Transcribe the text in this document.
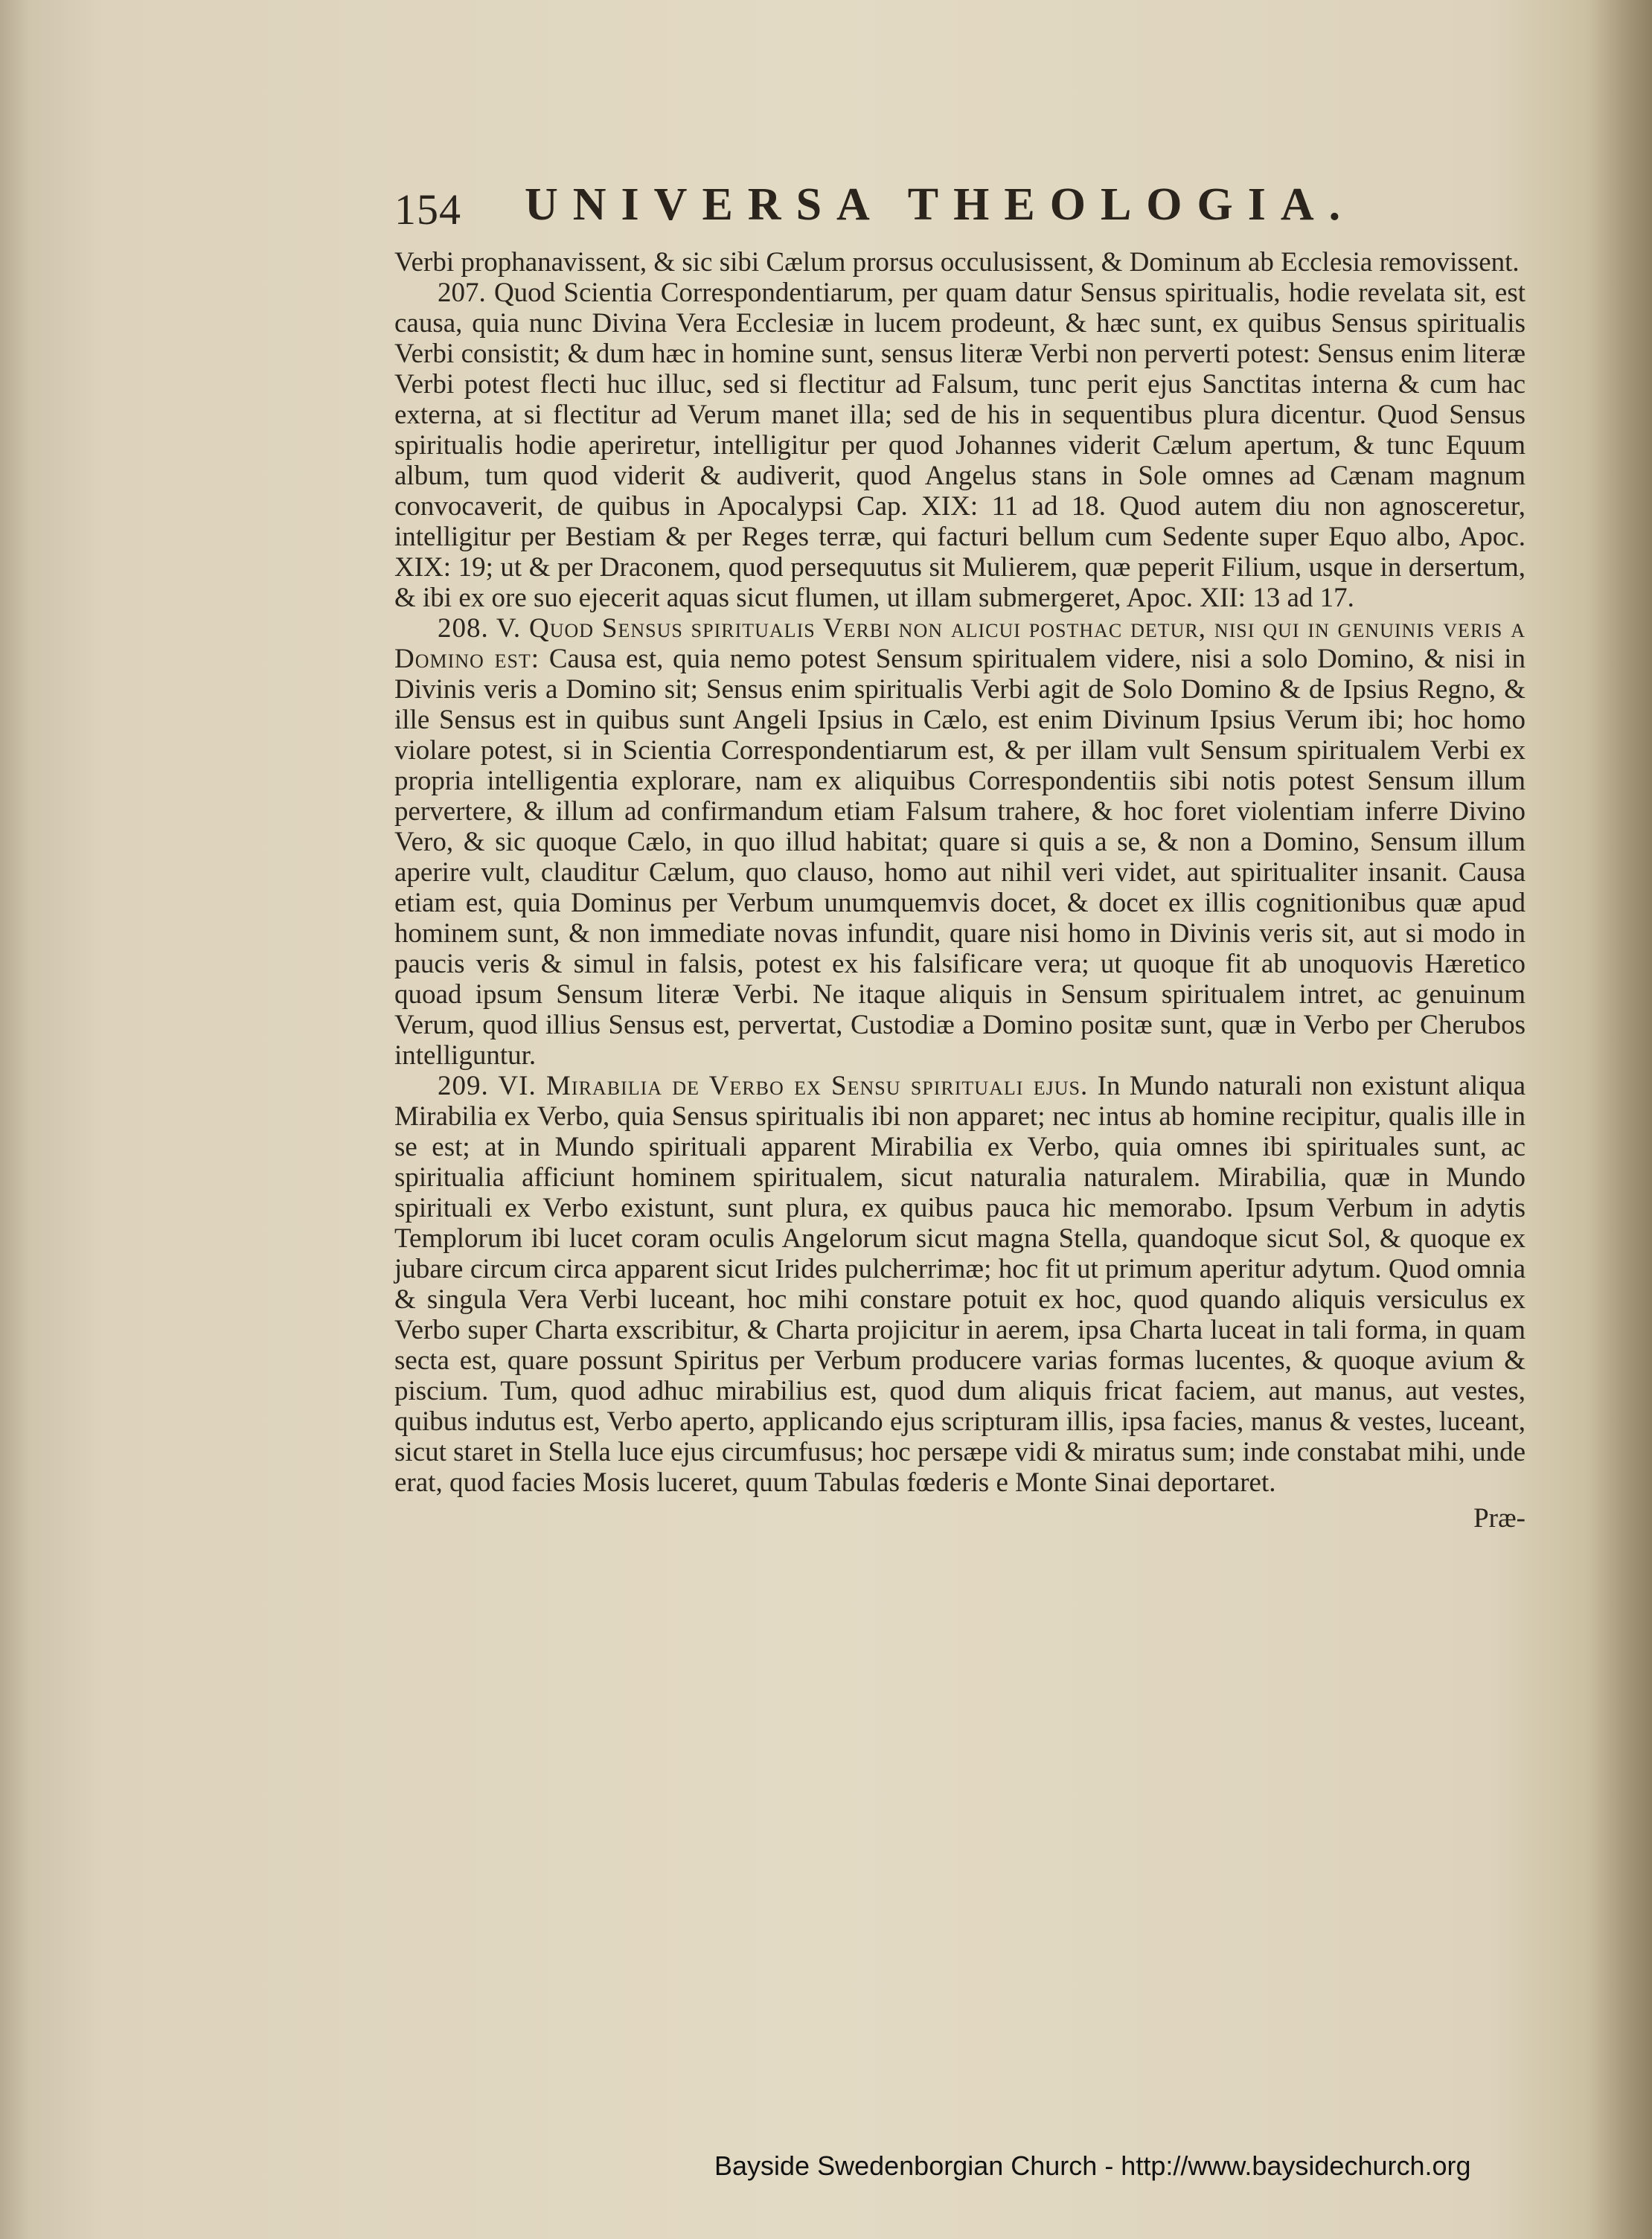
154 UNIVERSA THEOLOGIA.

Verbi prophanavissent, & sic sibi Cælum prorsus occulusissent, & Dominum ab Ecclesia removissent.

207. Quod Scientia Correspondentiarum, per quam datur Sensus spiritualis, hodie revelata sit, est causa, quia nunc Divina Vera Ecclesiæ in lucem prodeunt, & hæc sunt, ex quibus Sensus spiritualis Verbi consistit; & dum hæc in homine sunt, sensus literæ Verbi non perverti potest: Sensus enim literæ Verbi potest flecti huc illuc, sed si flectitur ad Falsum, tunc perit ejus Sanctitas interna & cum hac externa, at si flectitur ad Verum manet illa; sed de his in sequentibus plura dicentur. Quod Sensus spiritualis hodie aperiretur, intelligitur per quod Johannes viderit Cælum apertum, & tunc Equum album, tum quod viderit & audiverit, quod Angelus stans in Sole omnes ad Cænam magnum convocaverit, de quibus in Apocalypsi Cap. XIX: 11 ad 18. Quod autem diu non agnosceretur, intelligitur per Bestiam & per Reges terræ, qui facturi bellum cum Sedente super Equo albo, Apoc. XIX: 19; ut & per Draconem, quod persequutus sit Mulierem, quæ peperit Filium, usque in dersertum, & ibi ex ore suo ejecerit aquas sicut flumen, ut illam submergeret, Apoc. XII: 13 ad 17.

208. V. Quod Sensus spiritualis Verbi non alicui posthac detur, nisi qui in genuinis veris a Domino est: Causa est, quia nemo potest Sensum spiritualem videre, nisi a solo Domino, & nisi in Divinis veris a Domino sit; Sensus enim spiritualis Verbi agit de Solo Domino & de Ipsius Regno, & ille Sensus est in quibus sunt Angeli Ipsius in Cælo, est enim Divinum Ipsius Verum ibi; hoc homo violare potest, si in Scientia Correspondentiarum est, & per illam vult Sensum spiritualem Verbi ex propria intelligentia explorare, nam ex aliquibus Correspondentiis sibi notis potest Sensum illum pervertere, & illum ad confirmandum etiam Falsum trahere, & hoc foret violentiam inferre Divino Vero, & sic quoque Cælo, in quo illud habitat; quare si quis a se, & non a Domino, Sensum illum aperire vult, clauditur Cælum, quo clauso, homo aut nihil veri videt, aut spiritualiter insanit. Causa etiam est, quia Dominus per Verbum unumquemvis docet, & docet ex illis cognitionibus quæ apud hominem sunt, & non immediate novas infundit, quare nisi homo in Divinis veris sit, aut si modo in paucis veris & simul in falsis, potest ex his falsificare vera; ut quoque fit ab unoquovis Hæretico quoad ipsum Sensum literæ Verbi. Ne itaque aliquis in Sensum spiritualem intret, ac genuinum Verum, quod illius Sensus est, pervertat, Custodiæ a Domino positæ sunt, quæ in Verbo per Cherubos intelliguntur.

209. VI. Mirabilia de Verbo ex Sensu spirituali ejus. In Mundo naturali non existunt aliqua Mirabilia ex Verbo, quia Sensus spiritualis ibi non apparet; nec intus ab homine recipitur, qualis ille in se est; at in Mundo spirituali apparent Mirabilia ex Verbo, quia omnes ibi spirituales sunt, ac spiritualia afficiunt hominem spiritualem, sicut naturalia naturalem. Mirabilia, quæ in Mundo spirituali ex Verbo existunt, sunt plura, ex quibus pauca hic memorabo. Ipsum Verbum in adytis Templorum ibi lucet coram oculis Angelorum sicut magna Stella, quandoque sicut Sol, & quoque ex jubare circum circa apparent sicut Irides pulcherrimæ; hoc fit ut primum aperitur adytum. Quod omnia & singula Vera Verbi luceant, hoc mihi constare potuit ex hoc, quod quando aliquis versiculus ex Verbo super Charta exscribitur, & Charta projicitur in aerem, ipsa Charta luceat in tali forma, in quam secta est, quare possunt Spiritus per Verbum producere varias formas lucentes, & quoque avium & piscium. Tum, quod adhuc mirabilius est, quod dum aliquis fricat faciem, aut manus, aut vestes, quibus indutus est, Verbo aperto, applicando ejus scripturam illis, ipsa facies, manus & vestes, luceant, sicut staret in Stella luce ejus circumfusus; hoc persæpe vidi & miratus sum; inde constabat mihi, unde erat, quod facies Mosis luceret, quum Tabulas fœderis e Monte Sinai deportaret.

Præ-
Bayside Swedenborgian Church - http://www.baysidechurch.org
